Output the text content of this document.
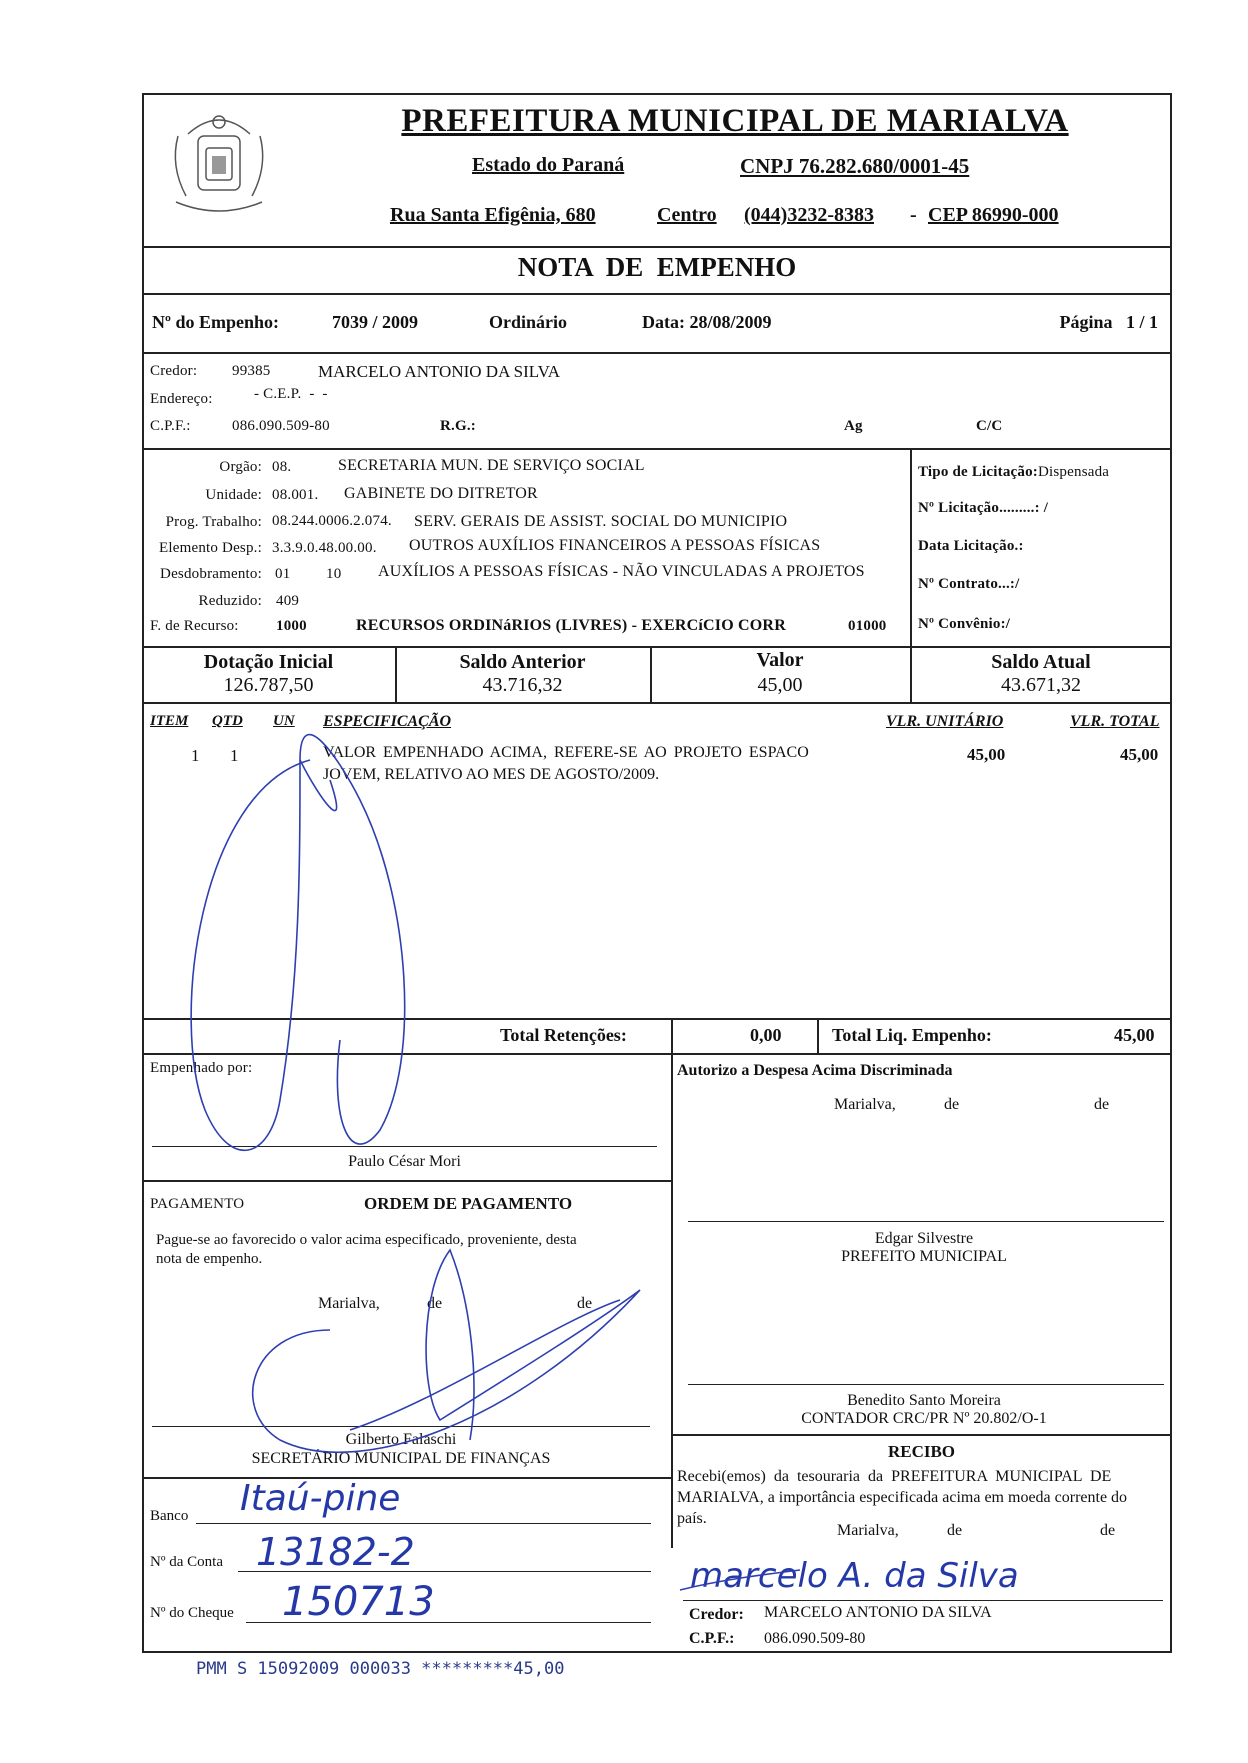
PREFEITURA MUNICIPAL DE MARIALVA
Estado do Paraná	CNPJ 76.282.680/0001-45
Rua Santa Efigênia, 680	Centro (044)3232-8383 - CEP 86990-000
NOTA  DE  EMPENHO
Nº do Empenho:	7039 / 2009	Ordinário	Data: 28/08/2009	Página   1 / 1
Credor: 99385	MARCELO ANTONIO DA SILVA
Endereço:	- C.E.P.  -  -
C.P.F.:	086.090.509-80	R.G.:	Ag	C/C
Orgão: 08.	SECRETARIA MUN. DE SERVIÇO SOCIAL
Unidade: 08.001. GABINETE DO DITRETOR
Prog. Trabalho: 08.244.0006.2.074. SERV. GERAIS DE ASSIST. SOCIAL DO MUNICIPIO
Elemento Desp.: 3.3.9.0.48.00.00. OUTROS AUXÍLIOS FINANCEIROS A PESSOAS FÍSICAS
Desdobramento: 01 10 AUXÍLIOS A PESSOAS FÍSICAS - NÃO VINCULADAS A PROJETOS
Reduzido: 409
F. de Recurso: 1000	RECURSOS ORDINáRIOS (LIVRES) - EXERCíCIO CORR	01000
Tipo de Licitação:Dispensada
Nº Licitação.........: /
Data Licitação.:
Nº Contrato...:/
Nº Convênio:/
Dotação Inicial
126.787,50
Saldo Anterior
43.716,32
Valor
45,00
Saldo Atual
43.671,32
ITEM QTD UN ESPECIFICAÇÃO	VLR. UNITÁRIO	VLR. TOTAL
1 1	VALOR EMPENHADO ACIMA, REFERE-SE AO PROJETO ESPACO
JOVEM, RELATIVO AO MES DE AGOSTO/2009.
45,00	45,00
Total Retenções:	0,00	Total Liq. Empenho:	45,00
Empenhado por:
Paulo César Mori
Autorizo a Despesa Acima Discriminada
Marialva,	de	de
Edgar Silvestre
PREFEITO MUNICIPAL
Benedito Santo Moreira
CONTADOR CRC/PR Nº 20.802/O-1
PAGAMENTO	ORDEM DE PAGAMENTO
Pague-se ao favorecido o valor acima especificado, proveniente, desta
nota de empenho.
Marialva,	de	de
Gilberto Falaschi
SECRETÁRIO MUNICIPAL DE FINANÇAS
Banco Itaú-pine
Nº da Conta 13182-2
Nº do Cheque 150713
RECIBO
Recebi(emos) da tesouraria da PREFEITURA MUNICIPAL DE
MARIALVA, a importância especificada acima em moeda corrente do
país.
Marialva,	de	de
marcelo A. da Silva
Credor: MARCELO ANTONIO DA SILVA
C.P.F.: 086.090.509-80
PMM S 15092009 000033 *********45,00
